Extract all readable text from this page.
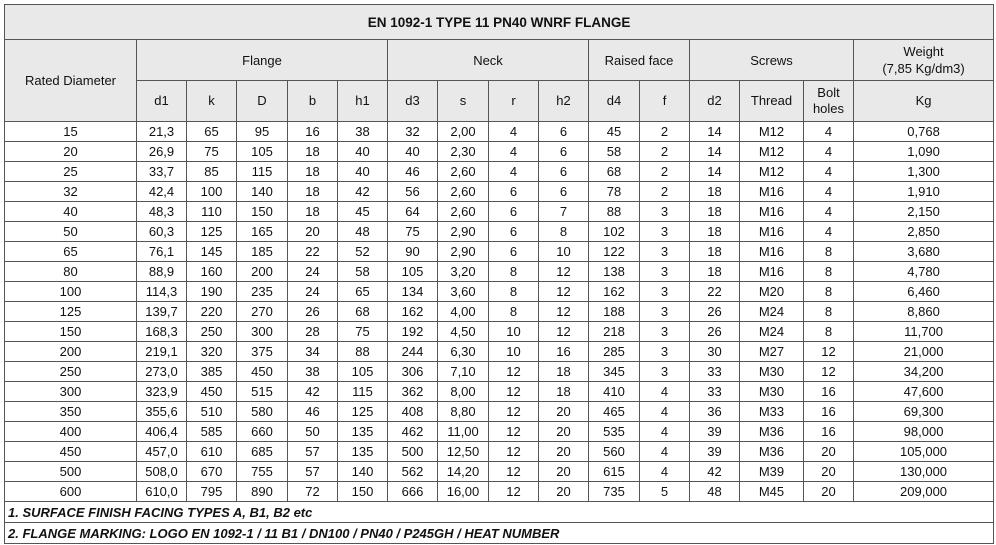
EN 1092-1 TYPE 11 PN40 WNRF FLANGE															
Rated Diameter	Flange					Neck				Raised face		Screws			Weight
(7,85 Kg/dm3)

	d1	k	D	b	h1	d3	s	r	h2	d4	f	d2	Thread	Bolt holes	Kg
15	21,3	65	95	16	38	32	2,00	4	6	45	2	14	M12	4	0,768
20	26,9	75	105	18	40	40	2,30	4	6	58	2	14	M12	4	1,090
25	33,7	85	115	18	40	46	2,60	4	6	68	2	14	M12	4	1,300
32	42,4	100	140	18	42	56	2,60	6	6	78	2	18	M16	4	1,910
40	48,3	110	150	18	45	64	2,60	6	7	88	3	18	M16	4	2,150
50	60,3	125	165	20	48	75	2,90	6	8	102	3	18	M16	4	2,850
65	76,1	145	185	22	52	90	2,90	6	10	122	3	18	M16	8	3,680
80	88,9	160	200	24	58	105	3,20	8	12	138	3	18	M16	8	4,780
100	114,3	190	235	24	65	134	3,60	8	12	162	3	22	M20	8	6,460
125	139,7	220	270	26	68	162	4,00	8	12	188	3	26	M24	8	8,860
150	168,3	250	300	28	75	192	4,50	10	12	218	3	26	M24	8	11,700
200	219,1	320	375	34	88	244	6,30	10	16	285	3	30	M27	12	21,000
250	273,0	385	450	38	105	306	7,10	12	18	345	3	33	M30	12	34,200
300	323,9	450	515	42	115	362	8,00	12	18	410	4	33	M30	16	47,600
350	355,6	510	580	46	125	408	8,80	12	20	465	4	36	M33	16	69,300
400	406,4	585	660	50	135	462	11,00	12	20	535	4	39	M36	16	98,000
450	457,0	610	685	57	135	500	12,50	12	20	560	4	39	M36	20	105,000
500	508,0	670	755	57	140	562	14,20	12	20	615	4	42	M39	20	130,000
600	610,0	795	890	72	150	666	16,00	12	20	735	5	48	M45	20	209,000
1. SURFACE FINISH FACING TYPES A, B1, B2 etc															
2. FLANGE MARKING: LOGO EN 1092-1 / 11 B1 / DN100 / PN40 / P245GH / HEAT NUMBER															
